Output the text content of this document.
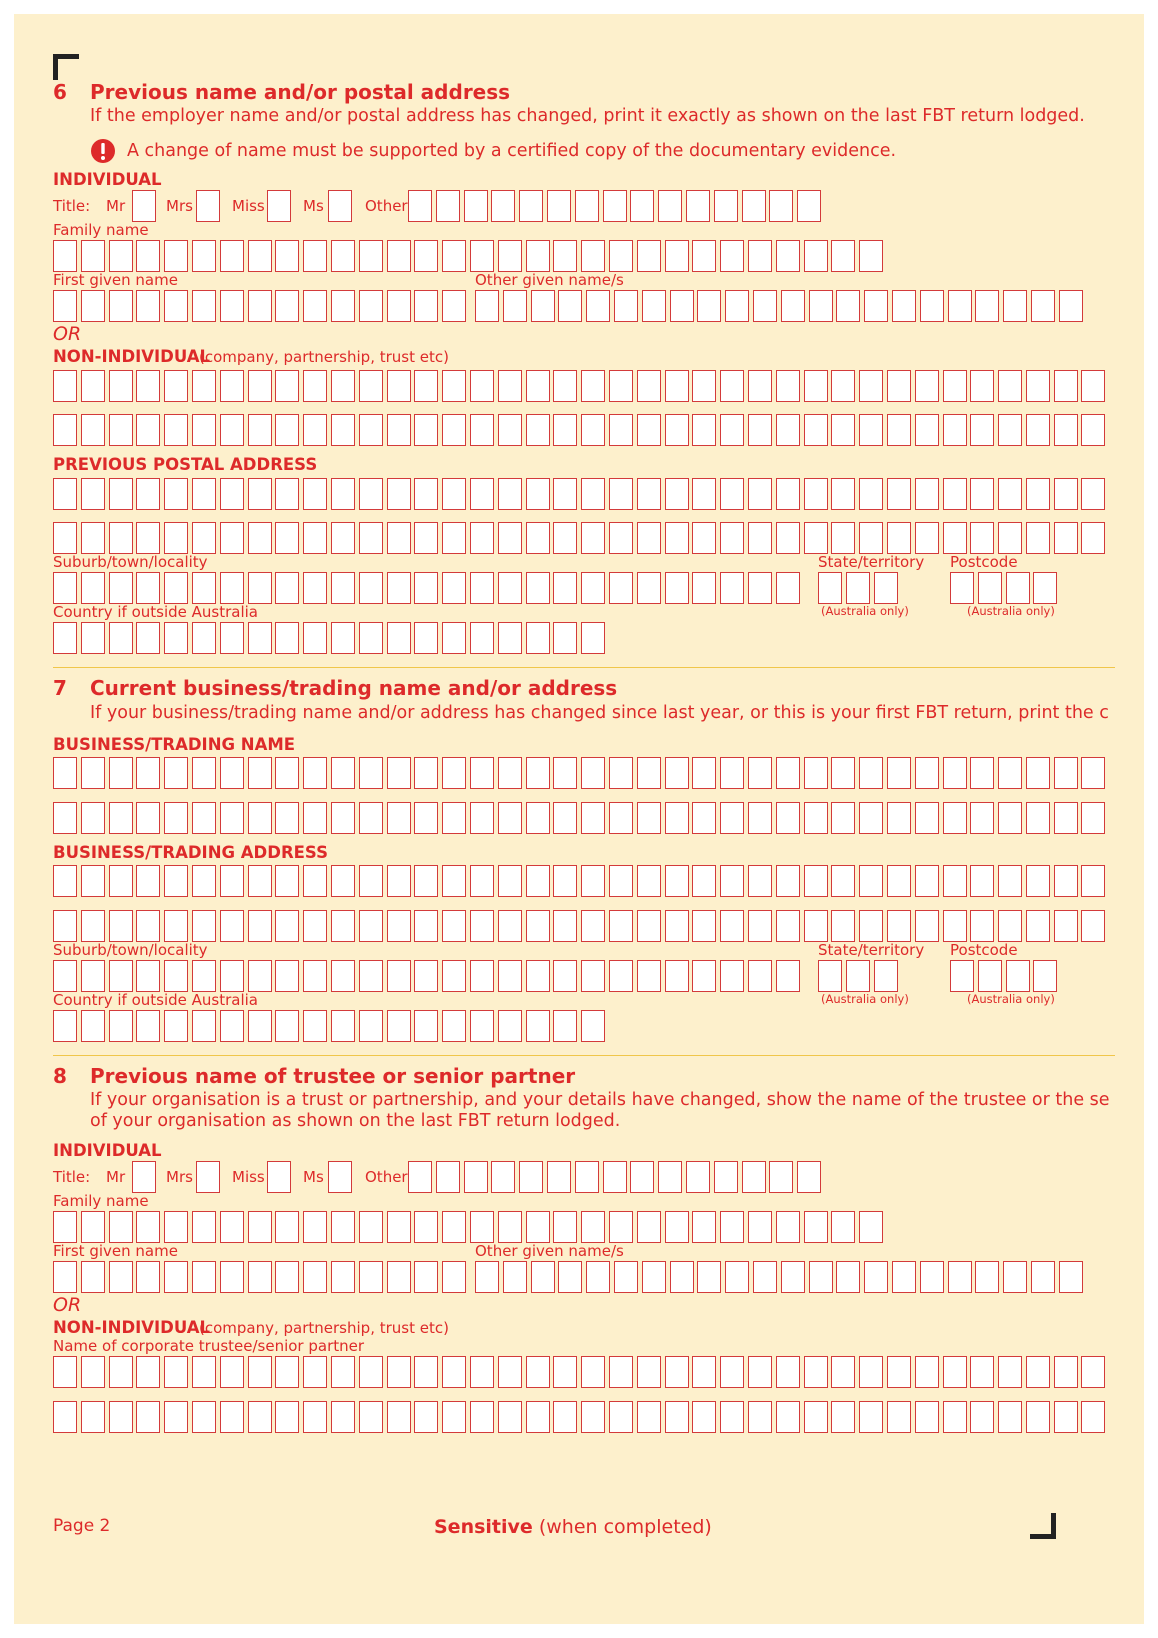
6 Previous name and/or postal address
If the employer name and/or postal address has changed, print it exactly as shown on the last FBT return lodged.
A change of name must be supported by a certified copy of the documentary evidence.
INDIVIDUAL
Title: Mr	Mrs	Miss	Ms	Other
Family name
First given name	Other given name/s
OR
NON-INDIVIDUAL
(company, partnership, trust etc)
PREVIOUS POSTAL ADDRESS
Suburb/town/locality	State/territory Postcode
Country if outside Australia	(Australia only)	(Australia only)
7 Current business/trading name and/or address
If your business/trading name and/or address has changed since last year, or this is your first FBT return, print the c
BUSINESS/TRADING NAME
BUSINESS/TRADING ADDRESS
Suburb/town/locality	State/territory Postcode
Country if outside Australia	(Australia only)	(Australia only)
8 Previous name of trustee or senior partner
If your organisation is a trust or partnership, and your details have changed, show the name of the trustee or the se
of your organisation as shown on the last FBT return lodged.
INDIVIDUAL
Title: Mr	Mrs	Miss	Ms	Other
Family name
First given name	Other given name/s
OR
NON-INDIVIDUAL
(company, partnership, trust etc)
Name of corporate trustee/senior partner
Page 2	Sensitive (when completed)
